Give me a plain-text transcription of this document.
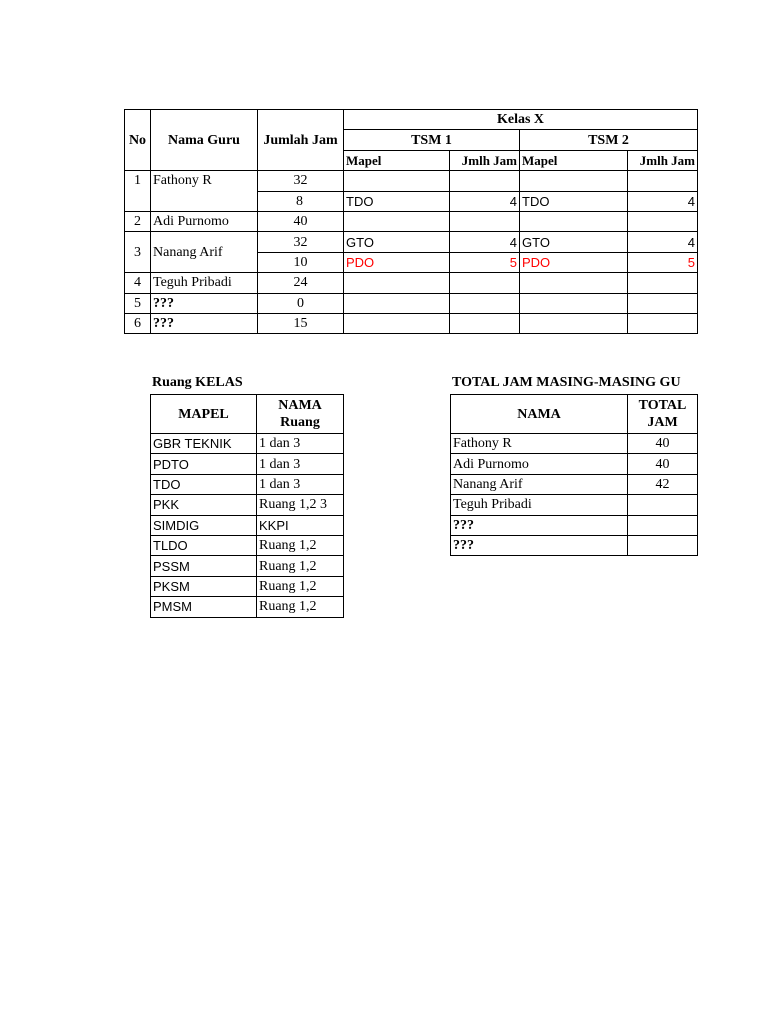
No	Nama Guru	Jumlah Jam	Kelas X			
			TSM 1		TSM 2	
			Mapel	Jmlh Jam	Mapel	Jmlh Jam
1	Fathony R	32				
		8	TDO	4	TDO	4
2	Adi Purnomo	40				
3	Nanang Arif	32	GTO	4	GTO	4
		10	PDO	5	PDO	5
4	Teguh Pribadi	24				
5	???	0				
6	???	15				
Ruang KELAS
MAPEL	NAMA
Ruang

GBR TEKNIK	1 dan 3
PDTO	1 dan 3
TDO	1 dan 3
PKK	Ruang 1,2 3
SIMDIG	KKPI
TLDO	Ruang 1,2
PSSM	Ruang 1,2
PKSM	Ruang 1,2
PMSM	Ruang 1,2
TOTAL JAM MASING-MASING GU
NAMA	TOTAL
JAM

Fathony R	40
Adi Purnomo	40
Nanang Arif	42
Teguh Pribadi	
???	
???	
